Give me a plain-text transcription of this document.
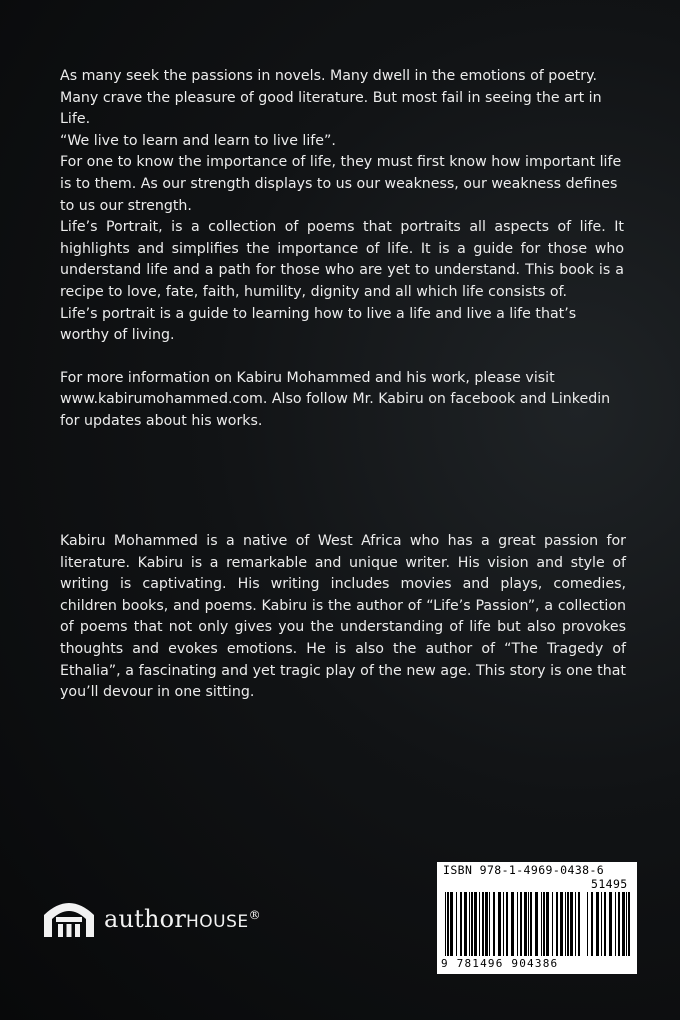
As many seek the passions in novels. Many dwell in the emotions of poetry. Many crave the pleasure of good literature. But most fail in seeing the art in Life.

“We live to learn and learn to live life”.

For one to know the importance of life, they must first know how important life is to them. As our strength displays to us our weakness, our weakness defines to us our strength.

Life’s Portrait, is a collection of poems that portraits all aspects of life. It highlights and simplifies the importance of life. It is a guide for those who understand life and a path for those who are yet to understand. This book is a recipe to love, fate, faith, humility, dignity and all which life consists of.

Life’s portrait is a guide to learning how to live a life and live a life that’s worthy of living.

For more information on Kabiru Mohammed and his work, please visit www.kabirumohammed.com. Also follow Mr. Kabiru on facebook and Linkedin for updates about his works.

Kabiru Mohammed is a native of West Africa who has a great passion for literature. Kabiru is a remarkable and unique writer. His vision and style of writing is captivating. His writing includes movies and plays, comedies, children books, and poems. Kabiru is the author of “Life’s Passion”, a collection of poems that not only gives you the understanding of life but also provokes thoughts and evokes emotions. He is also the author of “The Tragedy of Ethalia”, a fascinating and yet tragic play of the new age. This story is one that you’ll devour in one sitting.

authorHOUSE®
ISBN 978-1-4969-0438-6
51495
9 781496 904386
